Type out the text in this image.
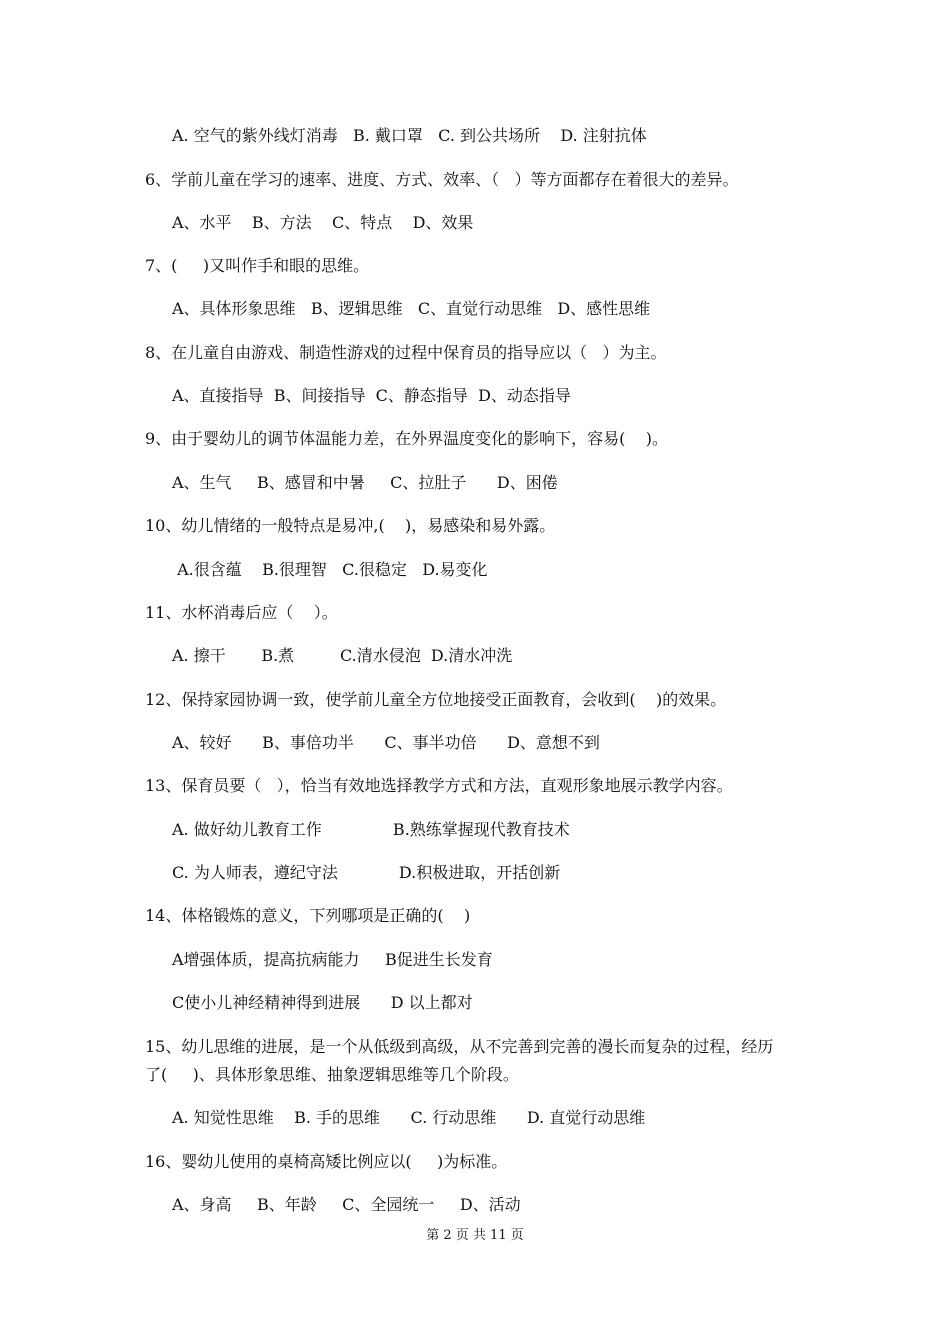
A. 空气的紫外线灯消毒   B. 戴口罩   C. 到公共场所    D. 注射抗体
6、学前儿童在学习的速率、进度、方式、效率、（   ）等方面都存在着很大的差异。
A、水平    B、方法    C、特点    D、效果
7、(     )又叫作手和眼的思维。
A、具体形象思维   B、逻辑思维   C、直觉行动思维   D、感性思维
8、在儿童自由游戏、制造性游戏的过程中保育员的指导应以（   ）为主。
A、直接指导  B、间接指导  C、静态指导  D、动态指导
9、由于婴幼儿的调节体温能力差，在外界温度变化的影响下，容易(    )。
A、生气     B、感冒和中暑     C、拉肚子      D、困倦
10、幼儿情绪的一般特点是易冲,(    )，易感染和易外露。
A.很含蕴    B.很理智   C.很稳定   D.易变化
11、水杯消毒后应（    ）。
A. 擦干       B.煮         C.清水侵泡  D.清水冲洗
12、保持家园协调一致，使学前儿童全方位地接受正面教育，会收到(    )的效果。
A、较好      B、事倍功半      C、事半功倍      D、意想不到
13、保育员要（   ），恰当有效地选择教学方式和方法，直观形象地展示教学内容。
A. 做好幼儿教育工作              B.熟练掌握现代教育技术
C. 为人师表，遵纪守法            D.积极进取，开括创新
14、体格锻炼的意义，下列哪项是正确的(    )
A增强体质，提高抗病能力     B促进生长发育
C使小儿神经精神得到进展      D 以上都对
15、幼儿思维的进展，是一个从低级到高级，从不完善到完善的漫长而复杂的过程，经历
了(     )、具体形象思维、抽象逻辑思维等几个阶段。
A. 知觉性思维    B. 手的思维      C. 行动思维      D. 直觉行动思维
16、婴幼儿使用的桌椅高矮比例应以(     )为标准。
A、身高     B、年龄     C、全园统一     D、活动
第 2 页 共 11 页
